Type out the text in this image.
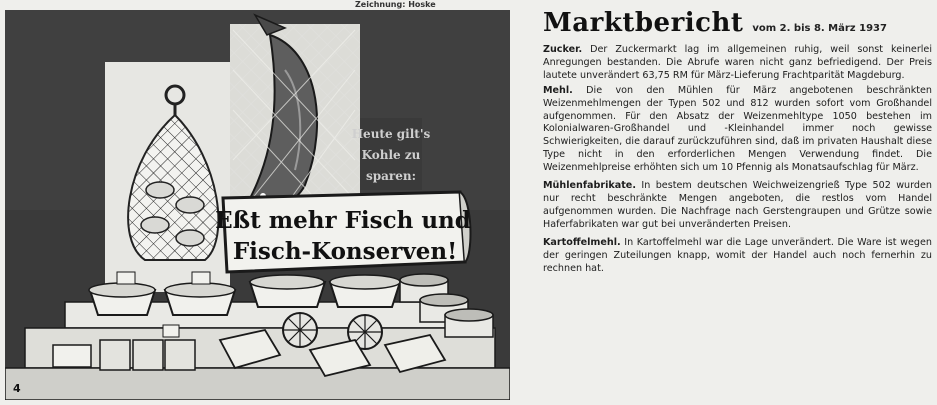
Zeichnung: Hoske
Heute gilt's
Kohle zu
sparen:
Eßt mehr Fisch und
Fisch-Konserven!
4
Marktbericht vom 2. bis 8. März 1937

Zucker. Der Zuckermarkt lag im allgemeinen ruhig, weil sonst keinerlei Anregungen bestanden. Die Abrufe waren nicht ganz befriedigend. Der Preis lautete unverändert 63,75 RM für März-Lieferung Frachtparität Magdeburg.

Mehl. Die von den Mühlen für März angebotenen beschränkten Weizenmehlmengen der Typen 502 und 812 wurden sofort vom Großhandel aufgenommen. Für den Absatz der Weizenmehltype 1050 bestehen im Kolonialwaren-Großhandel und -Kleinhandel immer noch gewisse Schwierigkeiten, die darauf zurückzuführen sind, daß im privaten Haushalt diese Type nicht in den erforderlichen Mengen Verwendung findet. Die Weizenmehlpreise erhöhten sich um 10 Pfennig als Monatsaufschlag für März.

Mühlenfabrikate. In bestem deutschen Weichweizengrieß Type 502 wurden nur recht beschränkte Mengen angeboten, die restlos vom Handel aufgenommen wurden. Die Nachfrage nach Gerstengraupen und Grütze sowie Haferfabrikaten war gut bei unveränderten Preisen.

Kartoffelmehl. In Kartoffelmehl war die Lage unverändert. Die Ware ist wegen der geringen Zuteilungen knapp, womit der Handel auch noch fernerhin zu rechnen hat.
